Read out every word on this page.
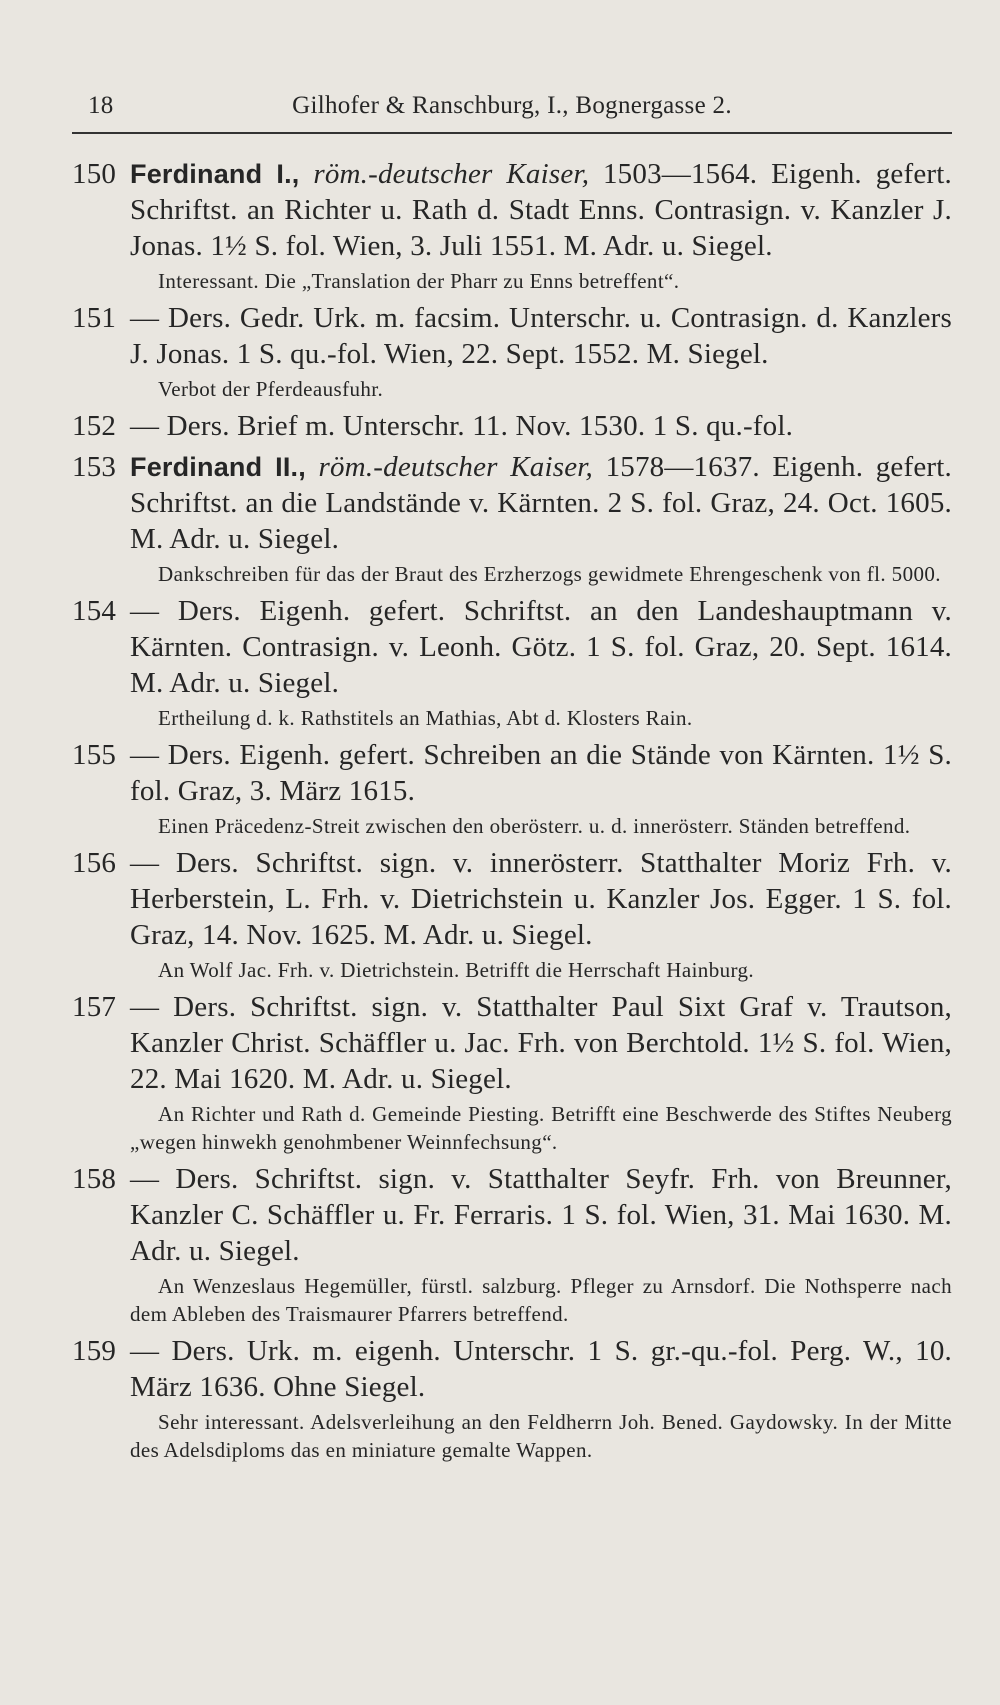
18	Gilhofer & Ranschburg, I., Bognergasse 2.
150 Ferdinand I., röm.-deutscher Kaiser, 1503—1564. Eigenh. gefert. Schriftst. an Richter u. Rath d. Stadt Enns. Contrasign. v. Kanzler J. Jonas. 1½ S. fol. Wien, 3. Juli 1551. M. Adr. u. Siegel.
Interessant. Die „Translation der Pharr zu Enns betreffent“.
151 — Ders. Gedr. Urk. m. facsim. Unterschr. u. Contrasign. d. Kanzlers J. Jonas. 1 S. qu.-fol. Wien, 22. Sept. 1552. M. Siegel.
Verbot der Pferdeausfuhr.
152 — Ders. Brief m. Unterschr. 11. Nov. 1530. 1 S. qu.-fol.
153 Ferdinand II., röm.-deutscher Kaiser, 1578—1637. Eigenh. gefert. Schriftst. an die Landstände v. Kärnten. 2 S. fol. Graz, 24. Oct. 1605. M. Adr. u. Siegel.
Dankschreiben für das der Braut des Erzherzogs gewidmete Ehrengeschenk von fl. 5000.
154 — Ders. Eigenh. gefert. Schriftst. an den Landeshauptmann v. Kärnten. Contrasign. v. Leonh. Götz. 1 S. fol. Graz, 20. Sept. 1614. M. Adr. u. Siegel.
Ertheilung d. k. Rathstitels an Mathias, Abt d. Klosters Rain.
155 — Ders. Eigenh. gefert. Schreiben an die Stände von Kärnten. 1½ S. fol. Graz, 3. März 1615.
Einen Präcedenz-Streit zwischen den oberösterr. u. d. innerösterr. Ständen betreffend.
156 — Ders. Schriftst. sign. v. innerösterr. Statthalter Moriz Frh. v. Herberstein, L. Frh. v. Dietrichstein u. Kanzler Jos. Egger. 1 S. fol. Graz, 14. Nov. 1625. M. Adr. u. Siegel.
An Wolf Jac. Frh. v. Dietrichstein. Betrifft die Herrschaft Hainburg.
157 — Ders. Schriftst. sign. v. Statthalter Paul Sixt Graf v. Trautson, Kanzler Christ. Schäffler u. Jac. Frh. von Berchtold. 1½ S. fol. Wien, 22. Mai 1620. M. Adr. u. Siegel.
An Richter und Rath d. Gemeinde Piesting. Betrifft eine Beschwerde des Stiftes Neuberg „wegen hinwekh genohmbener Weinnfechsung“.
158 — Ders. Schriftst. sign. v. Statthalter Seyfr. Frh. von Breunner, Kanzler C. Schäffler u. Fr. Ferraris. 1 S. fol. Wien, 31. Mai 1630. M. Adr. u. Siegel.
An Wenzeslaus Hegemüller, fürstl. salzburg. Pfleger zu Arnsdorf. Die Nothsperre nach dem Ableben des Traismaurer Pfarrers betreffend.
159 — Ders. Urk. m. eigenh. Unterschr. 1 S. gr.-qu.-fol. Perg. W., 10. März 1636. Ohne Siegel.
Sehr interessant. Adelsverleihung an den Feldherrn Joh. Bened. Gaydowsky. In der Mitte des Adelsdiploms das en miniature gemalte Wappen.
